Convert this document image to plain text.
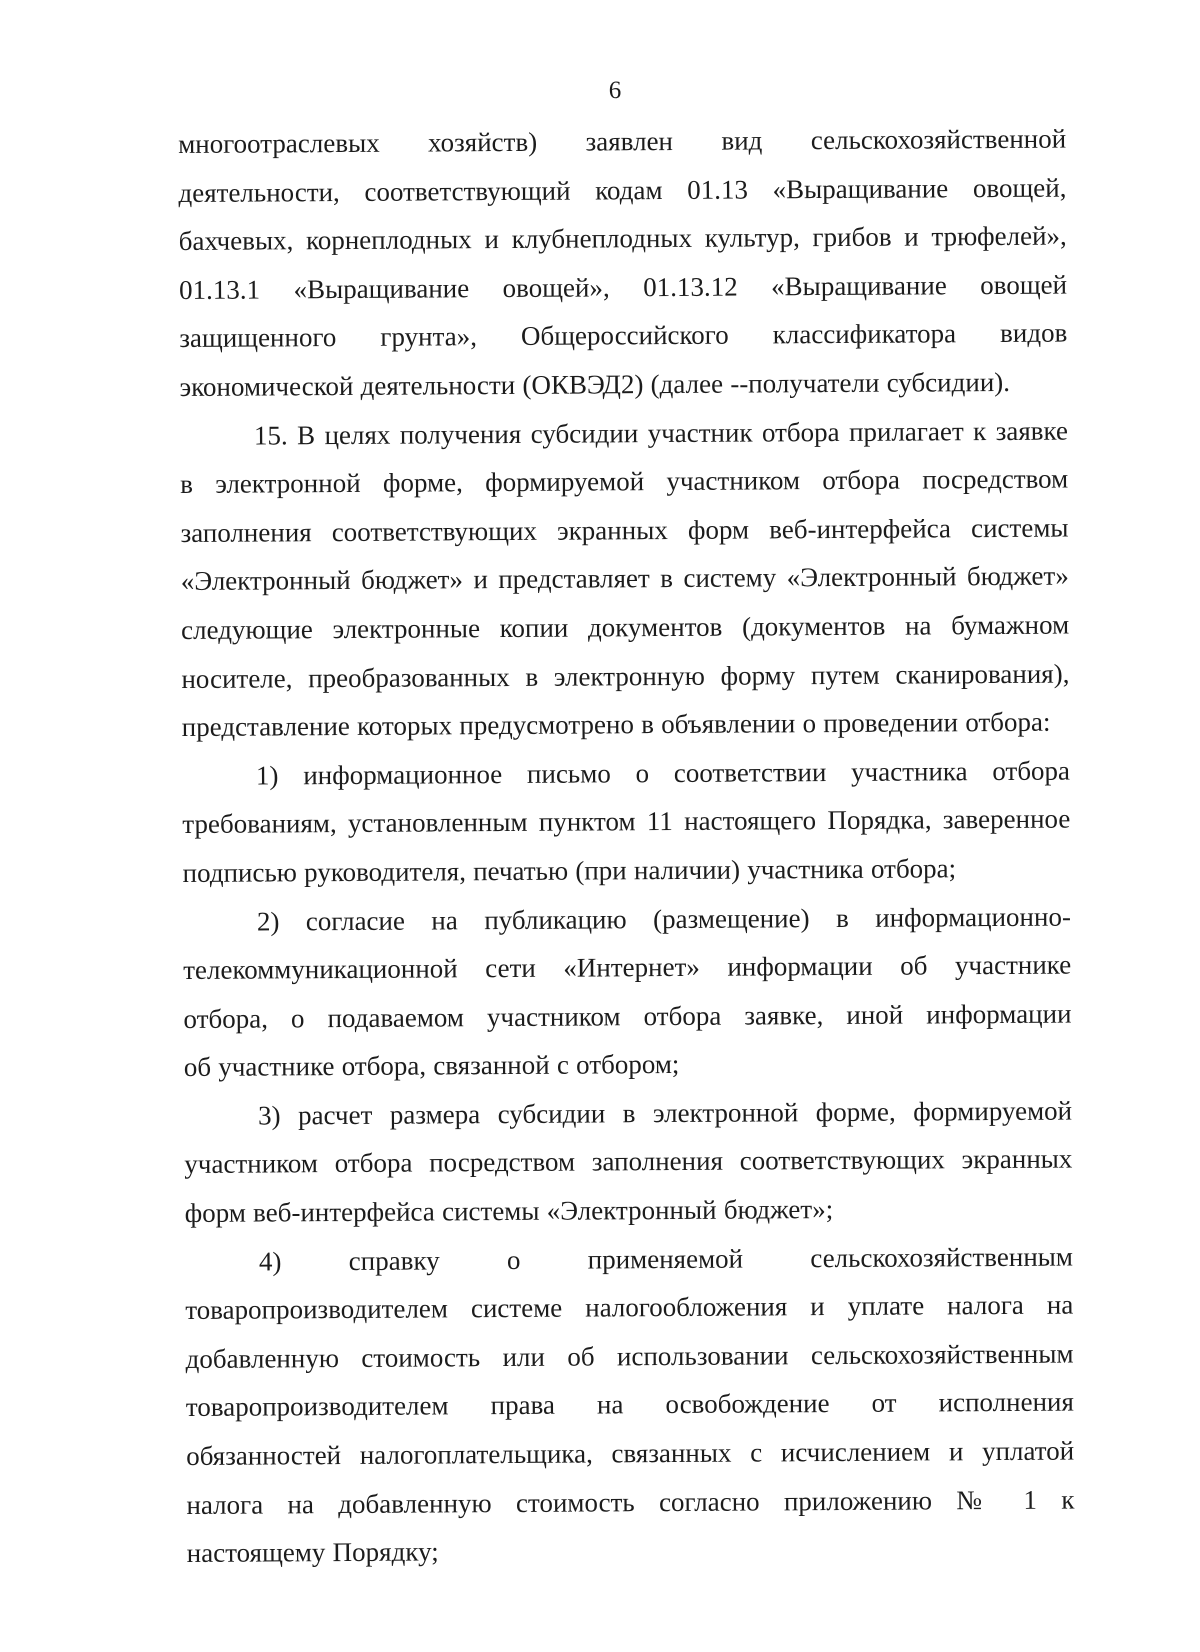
6
многоотраслевых хозяйств) заявлен вид сельскохозяйственной
деятельности, соответствующий кодам 01.13 «Выращивание овощей,
бахчевых, корнеплодных и клубнеплодных культур, грибов и трюфелей»,
01.13.1 «Выращивание овощей», 01.13.12 «Выращивание овощей
защищенного грунта», Общероссийского классификатора видов
экономической деятельности (ОКВЭД2) (далее --получатели субсидии).
15. В целях получения субсидии участник отбора прилагает к заявке
в электронной форме, формируемой участником отбора посредством
заполнения соответствующих экранных форм веб-интерфейса системы
«Электронный бюджет» и представляет в систему «Электронный бюджет»
следующие электронные копии документов (документов на бумажном
носителе, преобразованных в электронную форму путем сканирования),
представление которых предусмотрено в объявлении о проведении отбора:
1) информационное письмо о соответствии участника отбора
требованиям, установленным пунктом 11 настоящего Порядка, заверенное
подписью руководителя, печатью (при наличии) участника отбора;
2) согласие на публикацию (размещение) в информационно-
телекоммуникационной сети «Интернет» информации об участнике
отбора, о подаваемом участником отбора заявке, иной информации
об участнике отбора, связанной с отбором;
3) расчет размера субсидии в электронной форме, формируемой
участником отбора посредством заполнения соответствующих экранных
форм веб-интерфейса системы «Электронный бюджет»;
4) справку о применяемой сельскохозяйственным
товаропроизводителем системе налогообложения и уплате налога на
добавленную стоимость или об использовании сельскохозяйственным
товаропроизводителем права на освобождение от исполнения
обязанностей налогоплательщика, связанных с исчислением и уплатой
налога на добавленную стоимость согласно приложению № 1 к
настоящему Порядку;
